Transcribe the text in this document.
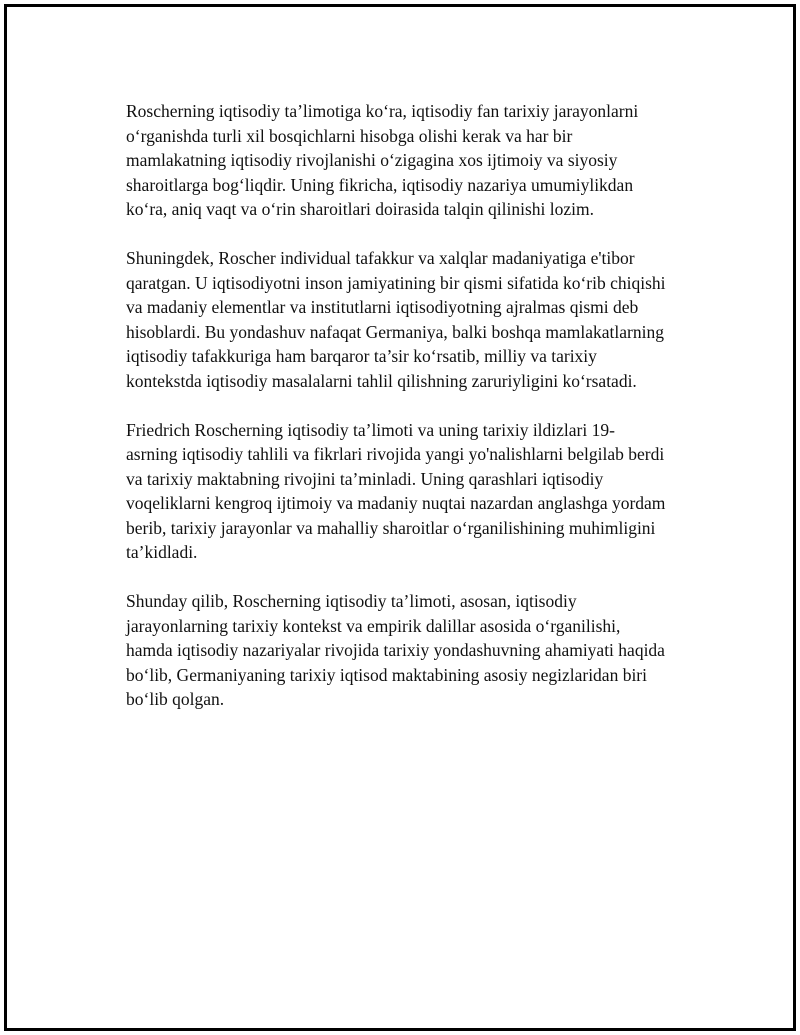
Roscherning iqtisodiy ta’limotiga ko‘ra, iqtisodiy fan tarixiy jarayonlarni
o‘rganishda turli xil bosqichlarni hisobga olishi kerak va har bir
mamlakatning iqtisodiy rivojlanishi o‘zigagina xos ijtimoiy va siyosiy
sharoitlarga bog‘liqdir. Uning fikricha, iqtisodiy nazariya umumiylikdan
ko‘ra, aniq vaqt va o‘rin sharoitlari doirasida talqin qilinishi lozim.

Shuningdek, Roscher individual tafakkur va xalqlar madaniyatiga e'tibor
qaratgan. U iqtisodiyotni inson jamiyatining bir qismi sifatida ko‘rib chiqishi
va madaniy elementlar va institutlarni iqtisodiyotning ajralmas qismi deb
hisoblardi. Bu yondashuv nafaqat Germaniya, balki boshqa mamlakatlarning
iqtisodiy tafakkuriga ham barqaror ta’sir ko‘rsatib, milliy va tarixiy
kontekstda iqtisodiy masalalarni tahlil qilishning zaruriyligini ko‘rsatadi.

Friedrich Roscherning iqtisodiy ta’limoti va uning tarixiy ildizlari 19-
asrning iqtisodiy tahlili va fikrlari rivojida yangi yo'nalishlarni belgilab berdi
va tarixiy maktabning rivojini ta’minladi. Uning qarashlari iqtisodiy
voqeliklarni kengroq ijtimoiy va madaniy nuqtai nazardan anglashga yordam
berib, tarixiy jarayonlar va mahalliy sharoitlar o‘rganilishining muhimligini
ta’kidladi.

Shunday qilib, Roscherning iqtisodiy ta’limoti, asosan, iqtisodiy
jarayonlarning tarixiy kontekst va empirik dalillar asosida o‘rganilishi,
hamda iqtisodiy nazariyalar rivojida tarixiy yondashuvning ahamiyati haqida
bo‘lib, Germaniyaning tarixiy iqtisod maktabining asosiy negizlaridan biri
bo‘lib qolgan.
